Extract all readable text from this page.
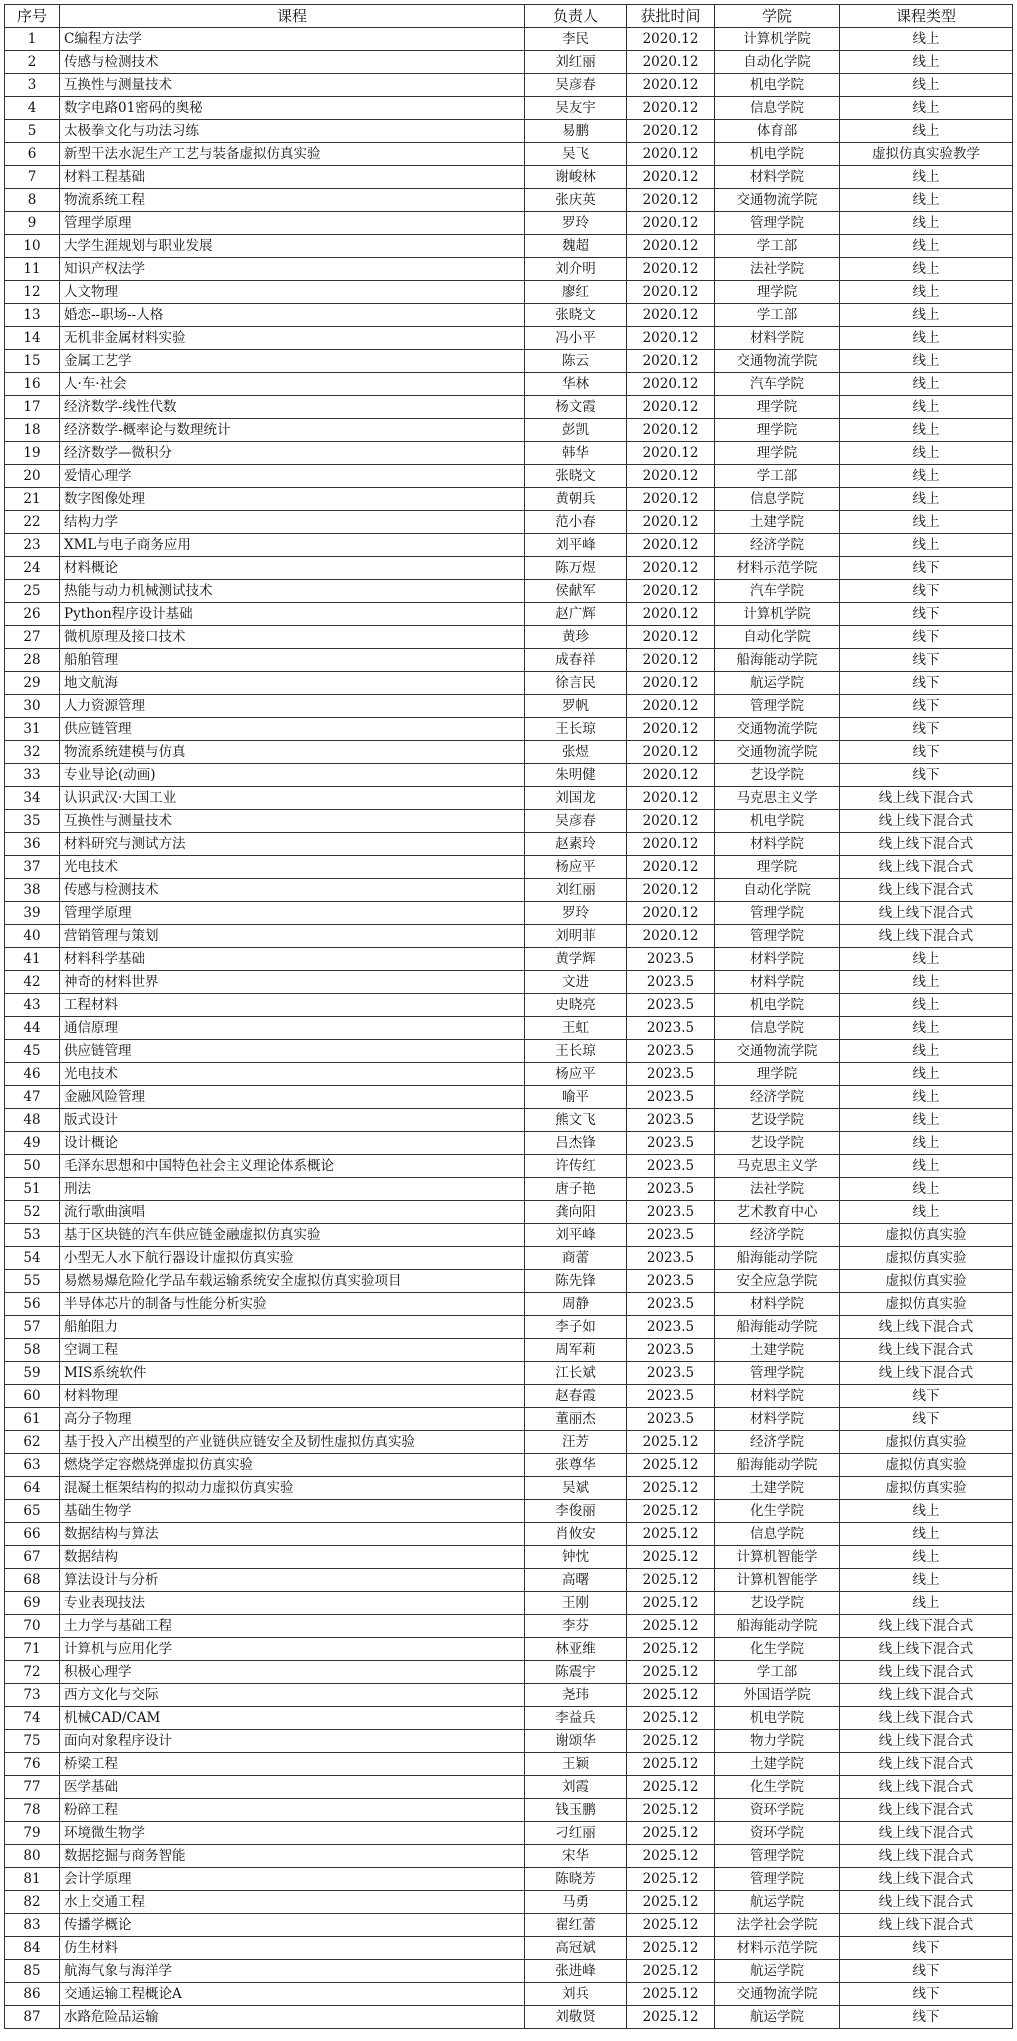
序号	课程	负责人	获批时间	学院	课程类型
1	C编程方法学	李民	2020.12	计算机学院	线上
2	传感与检测技术	刘红丽	2020.12	自动化学院	线上
3	互换性与测量技术	吴彦春	2020.12	机电学院	线上
4	数字电路01密码的奥秘	吴友宇	2020.12	信息学院	线上
5	太极拳文化与功法习练	易鹏	2020.12	体育部	线上
6	新型干法水泥生产工艺与装备虚拟仿真实验	吴飞	2020.12	机电学院	虚拟仿真实验教学
7	材料工程基础	谢峻林	2020.12	材料学院	线上
8	物流系统工程	张庆英	2020.12	交通物流学院	线上
9	管理学原理	罗玲	2020.12	管理学院	线上
10	大学生涯规划与职业发展	魏超	2020.12	学工部	线上
11	知识产权法学	刘介明	2020.12	法社学院	线上
12	人文物理	廖红	2020.12	理学院	线上
13	婚恋--职场--人格	张晓文	2020.12	学工部	线上
14	无机非金属材料实验	冯小平	2020.12	材料学院	线上
15	金属工艺学	陈云	2020.12	交通物流学院	线上
16	人·车·社会	华林	2020.12	汽车学院	线上
17	经济数学-线性代数	杨文霞	2020.12	理学院	线上
18	经济数学-概率论与数理统计	彭凯	2020.12	理学院	线上
19	经济数学—微积分	韩华	2020.12	理学院	线上
20	爱情心理学	张晓文	2020.12	学工部	线上
21	数字图像处理	黄朝兵	2020.12	信息学院	线上
22	结构力学	范小春	2020.12	土建学院	线上
23	XML与电子商务应用	刘平峰	2020.12	经济学院	线上
24	材料概论	陈万煜	2020.12	材料示范学院	线下
25	热能与动力机械测试技术	侯献军	2020.12	汽车学院	线下
26	Python程序设计基础	赵广辉	2020.12	计算机学院	线下
27	微机原理及接口技术	黄珍	2020.12	自动化学院	线下
28	船舶管理	成春祥	2020.12	船海能动学院	线下
29	地文航海	徐言民	2020.12	航运学院	线下
30	人力资源管理	罗帆	2020.12	管理学院	线下
31	供应链管理	王长琼	2020.12	交通物流学院	线下
32	物流系统建模与仿真	张煜	2020.12	交通物流学院	线下
33	专业导论(动画)	朱明健	2020.12	艺设学院	线下
34	认识武汉·大国工业	刘国龙	2020.12	马克思主义学	线上线下混合式
35	互换性与测量技术	吴彦春	2020.12	机电学院	线上线下混合式
36	材料研究与测试方法	赵素玲	2020.12	材料学院	线上线下混合式
37	光电技术	杨应平	2020.12	理学院	线上线下混合式
38	传感与检测技术	刘红丽	2020.12	自动化学院	线上线下混合式
39	管理学原理	罗玲	2020.12	管理学院	线上线下混合式
40	营销管理与策划	刘明菲	2020.12	管理学院	线上线下混合式
41	材料科学基础	黄学辉	2023.5	材料学院	线上
42	神奇的材料世界	文进	2023.5	材料学院	线上
43	工程材料	史晓亮	2023.5	机电学院	线上
44	通信原理	王虹	2023.5	信息学院	线上
45	供应链管理	王长琼	2023.5	交通物流学院	线上
46	光电技术	杨应平	2023.5	理学院	线上
47	金融风险管理	喻平	2023.5	经济学院	线上
48	版式设计	熊文飞	2023.5	艺设学院	线上
49	设计概论	吕杰锋	2023.5	艺设学院	线上
50	毛泽东思想和中国特色社会主义理论体系概论	许传红	2023.5	马克思主义学	线上
51	刑法	唐子艳	2023.5	法社学院	线上
52	流行歌曲演唱	龚向阳	2023.5	艺术教育中心	线上
53	基于区块链的汽车供应链金融虚拟仿真实验	刘平峰	2023.5	经济学院	虚拟仿真实验
54	小型无人水下航行器设计虚拟仿真实验	商蕾	2023.5	船海能动学院	虚拟仿真实验
55	易燃易爆危险化学品车载运输系统安全虚拟仿真实验项目	陈先锋	2023.5	安全应急学院	虚拟仿真实验
56	半导体芯片的制备与性能分析实验	周静	2023.5	材料学院	虚拟仿真实验
57	船舶阻力	李子如	2023.5	船海能动学院	线上线下混合式
58	空调工程	周军莉	2023.5	土建学院	线上线下混合式
59	MIS系统软件	江长斌	2023.5	管理学院	线上线下混合式
60	材料物理	赵春霞	2023.5	材料学院	线下
61	高分子物理	董丽杰	2023.5	材料学院	线下
62	基于投入产出模型的产业链供应链安全及韧性虚拟仿真实验	汪芳	2025.12	经济学院	虚拟仿真实验
63	燃烧学定容燃烧弹虚拟仿真实验	张尊华	2025.12	船海能动学院	虚拟仿真实验
64	混凝土框架结构的拟动力虚拟仿真实验	吴斌	2025.12	土建学院	虚拟仿真实验
65	基础生物学	李俊丽	2025.12	化生学院	线上
66	数据结构与算法	肖攸安	2025.12	信息学院	线上
67	数据结构	钟忱	2025.12	计算机智能学	线上
68	算法设计与分析	高曙	2025.12	计算机智能学	线上
69	专业表现技法	王刚	2025.12	艺设学院	线上
70	土力学与基础工程	李芬	2025.12	船海能动学院	线上线下混合式
71	计算机与应用化学	林亚维	2025.12	化生学院	线上线下混合式
72	积极心理学	陈震宇	2025.12	学工部	线上线下混合式
73	西方文化与交际	尧玮	2025.12	外国语学院	线上线下混合式
74	机械CAD/CAM	李益兵	2025.12	机电学院	线上线下混合式
75	面向对象程序设计	谢颂华	2025.12	物力学院	线上线下混合式
76	桥梁工程	王颖	2025.12	土建学院	线上线下混合式
77	医学基础	刘霞	2025.12	化生学院	线上线下混合式
78	粉碎工程	钱玉鹏	2025.12	资环学院	线上线下混合式
79	环境微生物学	刁红丽	2025.12	资环学院	线上线下混合式
80	数据挖掘与商务智能	宋华	2025.12	管理学院	线上线下混合式
81	会计学原理	陈晓芳	2025.12	管理学院	线上线下混合式
82	水上交通工程	马勇	2025.12	航运学院	线上线下混合式
83	传播学概论	翟红蕾	2025.12	法学社会学院	线上线下混合式
84	仿生材料	高冠斌	2025.12	材料示范学院	线下
85	航海气象与海洋学	张进峰	2025.12	航运学院	线下
86	交通运输工程概论A	刘兵	2025.12	交通物流学院	线下
87	水路危险品运输	刘敬贤	2025.12	航运学院	线下
